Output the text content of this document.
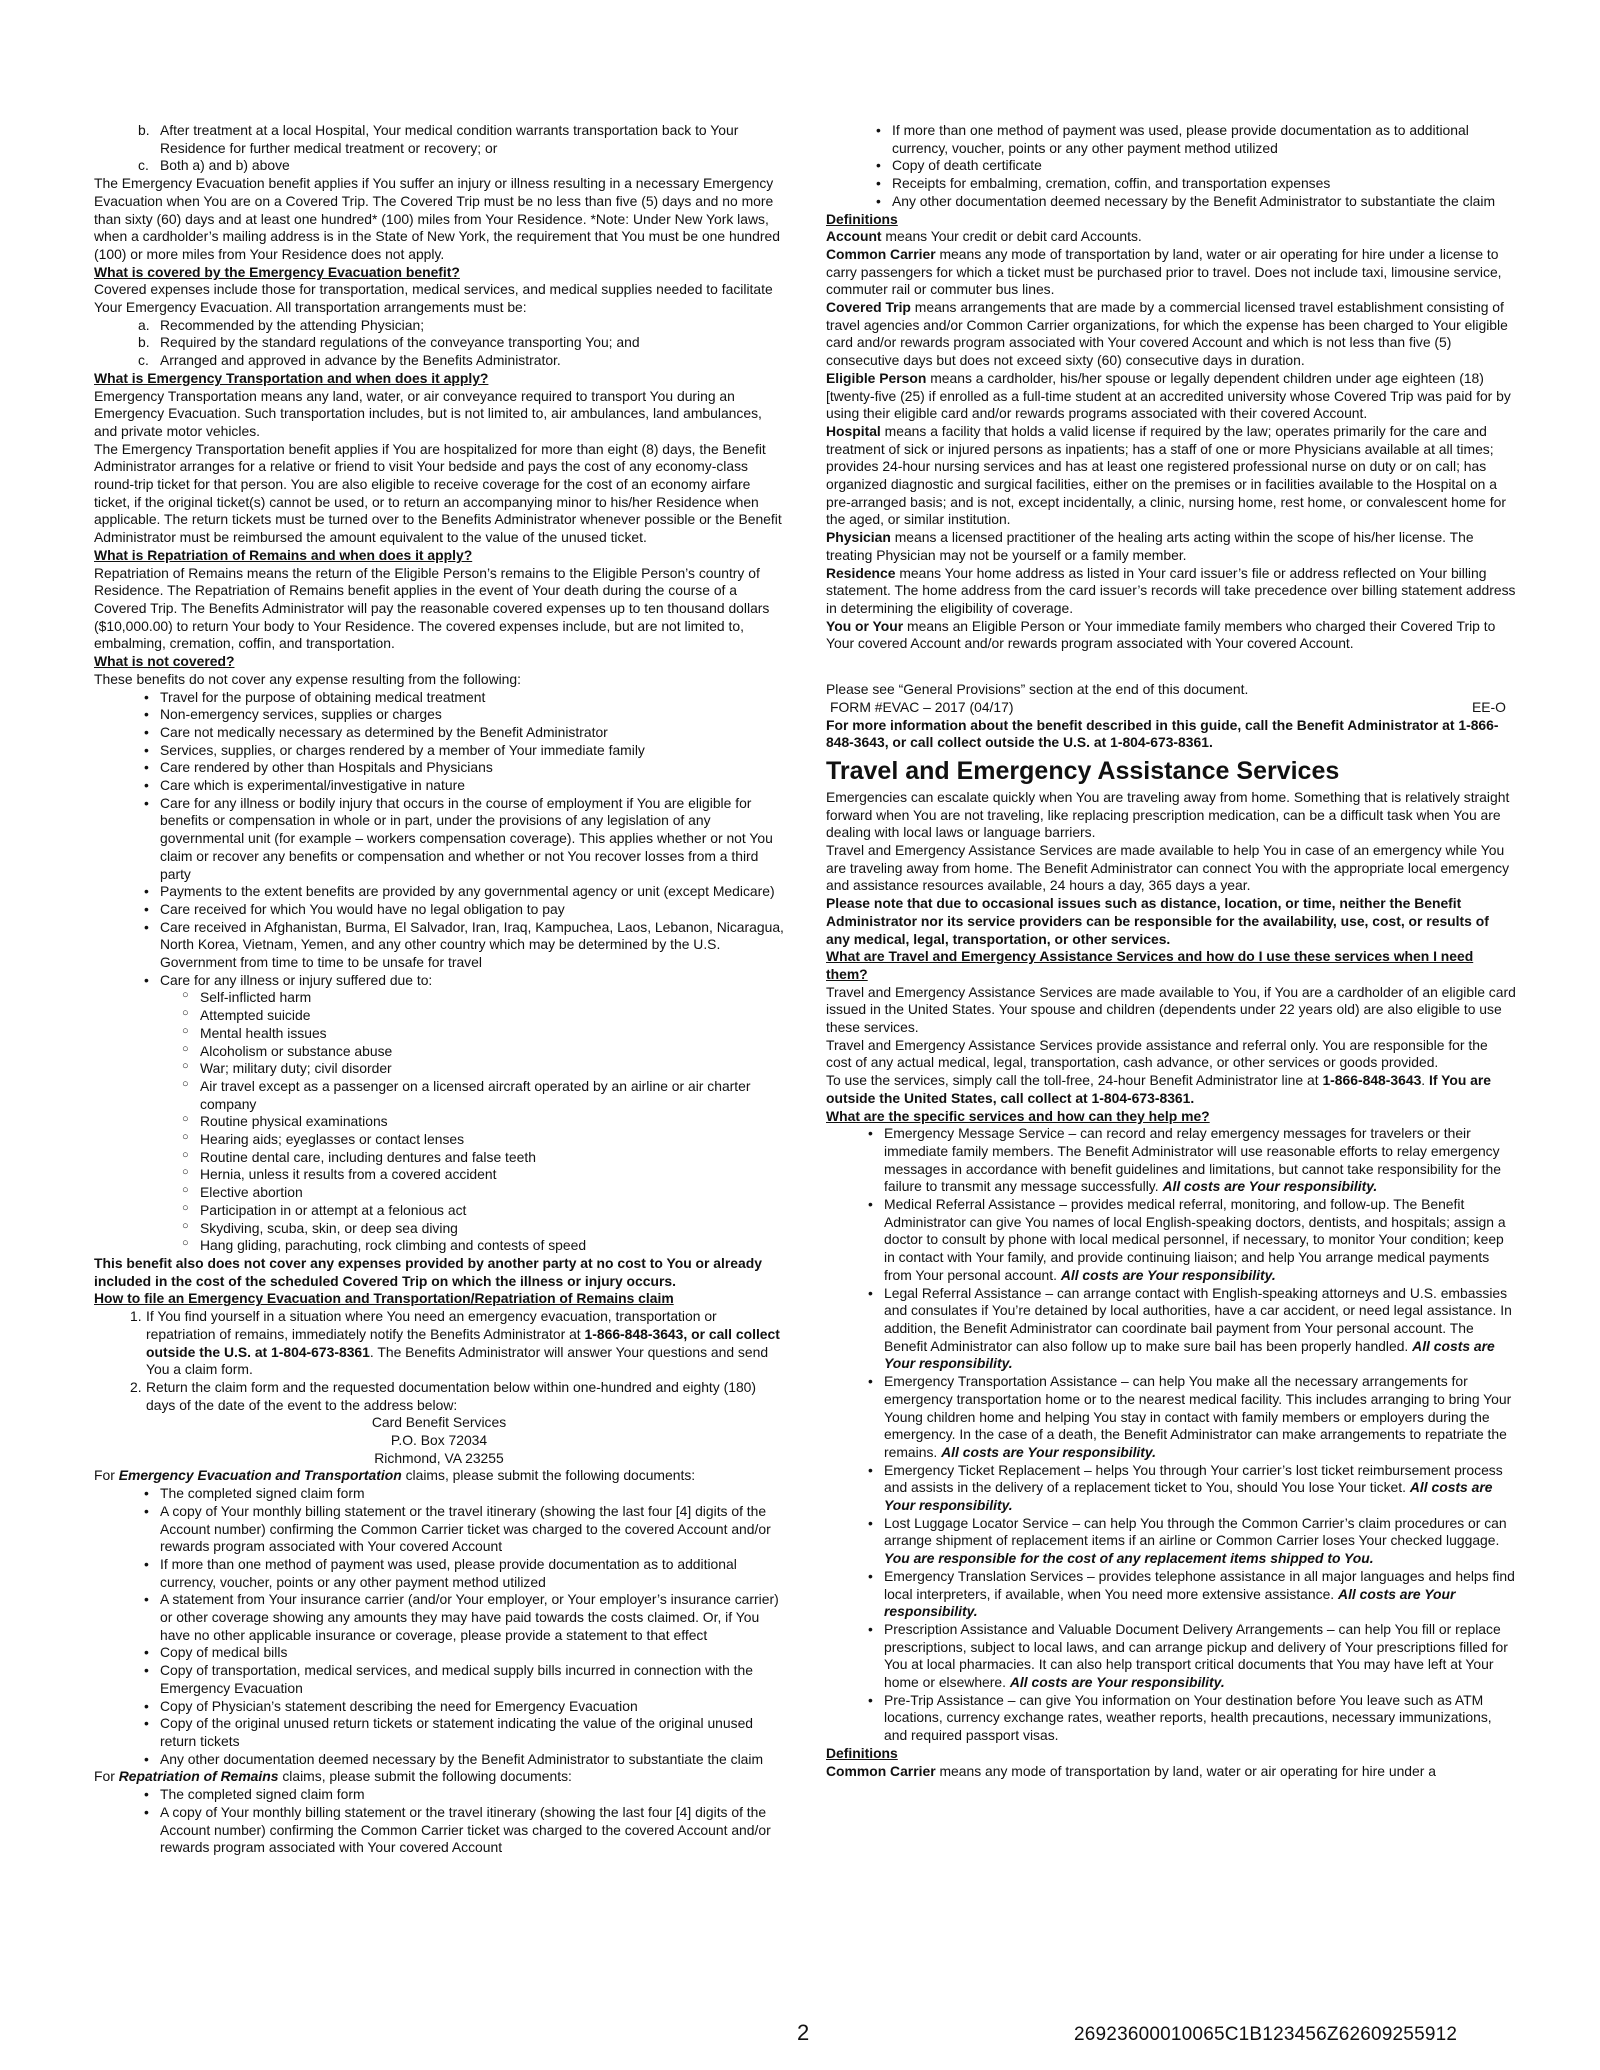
b. After treatment at a local Hospital, Your medical condition warrants transportation back to Your Residence for further medical treatment or recovery; or
c. Both a) and b) above

The Emergency Evacuation benefit applies if You suffer an injury or illness resulting in a necessary Emergency Evacuation when You are on a Covered Trip. The Covered Trip must be no less than five (5) days and no more than sixty (60) days and at least one hundred* (100) miles from Your Residence. *Note: Under New York laws, when a cardholder’s mailing address is in the State of New York, the requirement that You must be one hundred (100) or more miles from Your Residence does not apply.

What is covered by the Emergency Evacuation benefit?

Covered expenses include those for transportation, medical services, and medical supplies needed to facilitate Your Emergency Evacuation. All transportation arrangements must be:

a. Recommended by the attending Physician;
b. Required by the standard regulations of the conveyance transporting You; and
c. Arranged and approved in advance by the Benefits Administrator.

What is Emergency Transportation and when does it apply?

Emergency Transportation means any land, water, or air conveyance required to transport You during an Emergency Evacuation. Such transportation includes, but is not limited to, air ambulances, land ambulances, and private motor vehicles.

The Emergency Transportation benefit applies if You are hospitalized for more than eight (8) days, the Benefit Administrator arranges for a relative or friend to visit Your bedside and pays the cost of any economy-class round-trip ticket for that person. You are also eligible to receive coverage for the cost of an economy airfare ticket, if the original ticket(s) cannot be used, or to return an accompanying minor to his/her Residence when applicable. The return tickets must be turned over to the Benefits Administrator whenever possible or the Benefit Administrator must be reimbursed the amount equivalent to the value of the unused ticket.

What is Repatriation of Remains and when does it apply?

Repatriation of Remains means the return of the Eligible Person’s remains to the Eligible Person’s country of Residence. The Repatriation of Remains benefit applies in the event of Your death during the course of a Covered Trip. The Benefits Administrator will pay the reasonable covered expenses up to ten thousand dollars ($10,000.00) to return Your body to Your Residence. The covered expenses include, but are not limited to, embalming, cremation, coffin, and transportation.

What is not covered?

These benefits do not cover any expense resulting from the following:

• Travel for the purpose of obtaining medical treatment
• Non-emergency services, supplies or charges
• Care not medically necessary as determined by the Benefit Administrator
• Services, supplies, or charges rendered by a member of Your immediate family
• Care rendered by other than Hospitals and Physicians
• Care which is experimental/investigative in nature
• Care for any illness or bodily injury that occurs in the course of employment if You are eligible for benefits or compensation in whole or in part, under the provisions of any legislation of any governmental unit (for example – workers compensation coverage). This applies whether or not You claim or recover any benefits or compensation and whether or not You recover losses from a third party
• Payments to the extent benefits are provided by any governmental agency or unit (except Medicare)
• Care received for which You would have no legal obligation to pay
• Care received in Afghanistan, Burma, El Salvador, Iran, Iraq, Kampuchea, Laos, Lebanon, Nicaragua, North Korea, Vietnam, Yemen, and any other country which may be determined by the U.S. Government from time to time to be unsafe for travel
• Care for any illness or injury suffered due to:
○ Self-inflicted harm
○ Attempted suicide
○ Mental health issues
○ Alcoholism or substance abuse
○ War; military duty; civil disorder
○ Air travel except as a passenger on a licensed aircraft operated by an airline or air charter company
○ Routine physical examinations
○ Hearing aids; eyeglasses or contact lenses
○ Routine dental care, including dentures and false teeth
○ Hernia, unless it results from a covered accident
○ Elective abortion
○ Participation in or attempt at a felonious act
○ Skydiving, scuba, skin, or deep sea diving
○ Hang gliding, parachuting, rock climbing and contests of speed

This benefit also does not cover any expenses provided by another party at no cost to You or already included in the cost of the scheduled Covered Trip on which the illness or injury occurs.

How to file an Emergency Evacuation and Transportation/Repatriation of Remains claim

1. If You find yourself in a situation where You need an emergency evacuation, transportation or repatriation of remains, immediately notify the Benefits Administrator at 1-866-848-3643, or call collect outside the U.S. at 1-804-673-8361. The Benefits Administrator will answer Your questions and send You a claim form.
2. Return the claim form and the requested documentation below within one-hundred and eighty (180) days of the date of the event to the address below:
Card Benefit Services
P.O. Box 72034
Richmond, VA 23255

For Emergency Evacuation and Transportation claims, please submit the following documents:

• The completed signed claim form
• A copy of Your monthly billing statement or the travel itinerary (showing the last four [4] digits of the Account number) confirming the Common Carrier ticket was charged to the covered Account and/or rewards program associated with Your covered Account
• If more than one method of payment was used, please provide documentation as to additional currency, voucher, points or any other payment method utilized
• A statement from Your insurance carrier (and/or Your employer, or Your employer’s insurance carrier) or other coverage showing any amounts they may have paid towards the costs claimed. Or, if You have no other applicable insurance or coverage, please provide a statement to that effect
• Copy of medical bills
• Copy of transportation, medical services, and medical supply bills incurred in connection with the Emergency Evacuation
• Copy of Physician’s statement describing the need for Emergency Evacuation
• Copy of the original unused return tickets or statement indicating the value of the original unused return tickets
• Any other documentation deemed necessary by the Benefit Administrator to substantiate the claim

For Repatriation of Remains claims, please submit the following documents:

• The completed signed claim form
• A copy of Your monthly billing statement or the travel itinerary (showing the last four [4] digits of the Account number) confirming the Common Carrier ticket was charged to the covered Account and/or rewards program associated with Your covered Account
• If more than one method of payment was used, please provide documentation as to additional currency, voucher, points or any other payment method utilized
• Copy of death certificate
• Receipts for embalming, cremation, coffin, and transportation expenses
• Any other documentation deemed necessary by the Benefit Administrator to substantiate the claim

Definitions

Account means Your credit or debit card Accounts.

Common Carrier means any mode of transportation by land, water or air operating for hire under a license to carry passengers for which a ticket must be purchased prior to travel. Does not include taxi, limousine service, commuter rail or commuter bus lines.

Covered Trip means arrangements that are made by a commercial licensed travel establishment consisting of travel agencies and/or Common Carrier organizations, for which the expense has been charged to Your eligible card and/or rewards program associated with Your covered Account and which is not less than five (5) consecutive days but does not exceed sixty (60) consecutive days in duration.

Eligible Person means a cardholder, his/her spouse or legally dependent children under age eighteen (18) [twenty-five (25) if enrolled as a full-time student at an accredited university whose Covered Trip was paid for by using their eligible card and/or rewards programs associated with their covered Account.

Hospital means a facility that holds a valid license if required by the law; operates primarily for the care and treatment of sick or injured persons as inpatients; has a staff of one or more Physicians available at all times; provides 24-hour nursing services and has at least one registered professional nurse on duty or on call; has organized diagnostic and surgical facilities, either on the premises or in facilities available to the Hospital on a pre-arranged basis; and is not, except incidentally, a clinic, nursing home, rest home, or convalescent home for the aged, or similar institution.

Physician means a licensed practitioner of the healing arts acting within the scope of his/her license. The treating Physician may not be yourself or a family member.

Residence means Your home address as listed in Your card issuer’s file or address reflected on Your billing statement. The home address from the card issuer’s records will take precedence over billing statement address in determining the eligibility of coverage.

You or Your means an Eligible Person or Your immediate family members who charged their Covered Trip to Your covered Account and/or rewards program associated with Your covered Account.

Please see “General Provisions” section at the end of this document.

FORM #EVAC – 2017 (04/17)	EE-O

For more information about the benefit described in this guide, call the Benefit Administrator at 1-866-848-3643, or call collect outside the U.S. at 1-804-673-8361.

Travel and Emergency Assistance Services

Emergencies can escalate quickly when You are traveling away from home. Something that is relatively straight forward when You are not traveling, like replacing prescription medication, can be a difficult task when You are dealing with local laws or language barriers.

Travel and Emergency Assistance Services are made available to help You in case of an emergency while You are traveling away from home. The Benefit Administrator can connect You with the appropriate local emergency and assistance resources available, 24 hours a day, 365 days a year.

Please note that due to occasional issues such as distance, location, or time, neither the Benefit Administrator nor its service providers can be responsible for the availability, use, cost, or results of any medical, legal, transportation, or other services.

What are Travel and Emergency Assistance Services and how do I use these services when I need them?

Travel and Emergency Assistance Services are made available to You, if You are a cardholder of an eligible card issued in the United States. Your spouse and children (dependents under 22 years old) are also eligible to use these services.

Travel and Emergency Assistance Services provide assistance and referral only. You are responsible for the cost of any actual medical, legal, transportation, cash advance, or other services or goods provided.

To use the services, simply call the toll-free, 24-hour Benefit Administrator line at 1-866-848-3643. If You are outside the United States, call collect at 1-804-673-8361.

What are the specific services and how can they help me?

• Emergency Message Service – can record and relay emergency messages for travelers or their immediate family members. The Benefit Administrator will use reasonable efforts to relay emergency messages in accordance with benefit guidelines and limitations, but cannot take responsibility for the failure to transmit any message successfully. All costs are Your responsibility.
• Medical Referral Assistance – provides medical referral, monitoring, and follow-up. The Benefit Administrator can give You names of local English-speaking doctors, dentists, and hospitals; assign a doctor to consult by phone with local medical personnel, if necessary, to monitor Your condition; keep in contact with Your family, and provide continuing liaison; and help You arrange medical payments from Your personal account. All costs are Your responsibility.
• Legal Referral Assistance – can arrange contact with English-speaking attorneys and U.S. embassies and consulates if You’re detained by local authorities, have a car accident, or need legal assistance. In addition, the Benefit Administrator can coordinate bail payment from Your personal account. The Benefit Administrator can also follow up to make sure bail has been properly handled. All costs are Your responsibility.
• Emergency Transportation Assistance – can help You make all the necessary arrangements for emergency transportation home or to the nearest medical facility. This includes arranging to bring Your Young children home and helping You stay in contact with family members or employers during the emergency. In the case of a death, the Benefit Administrator can make arrangements to repatriate the remains. All costs are Your responsibility.
• Emergency Ticket Replacement – helps You through Your carrier’s lost ticket reimbursement process and assists in the delivery of a replacement ticket to You, should You lose Your ticket. All costs are Your responsibility.
• Lost Luggage Locator Service – can help You through the Common Carrier’s claim procedures or can arrange shipment of replacement items if an airline or Common Carrier loses Your checked luggage. You are responsible for the cost of any replacement items shipped to You.
• Emergency Translation Services – provides telephone assistance in all major languages and helps find local interpreters, if available, when You need more extensive assistance. All costs are Your responsibility.
• Prescription Assistance and Valuable Document Delivery Arrangements – can help You fill or replace prescriptions, subject to local laws, and can arrange pickup and delivery of Your prescriptions filled for You at local pharmacies. It can also help transport critical documents that You may have left at Your home or elsewhere. All costs are Your responsibility.
• Pre-Trip Assistance – can give You information on Your destination before You leave such as ATM locations, currency exchange rates, weather reports, health precautions, necessary immunizations, and required passport visas.

Definitions

Common Carrier means any mode of transportation by land, water or air operating for hire under a

2	26923600010065C1B123456Z62609255912
